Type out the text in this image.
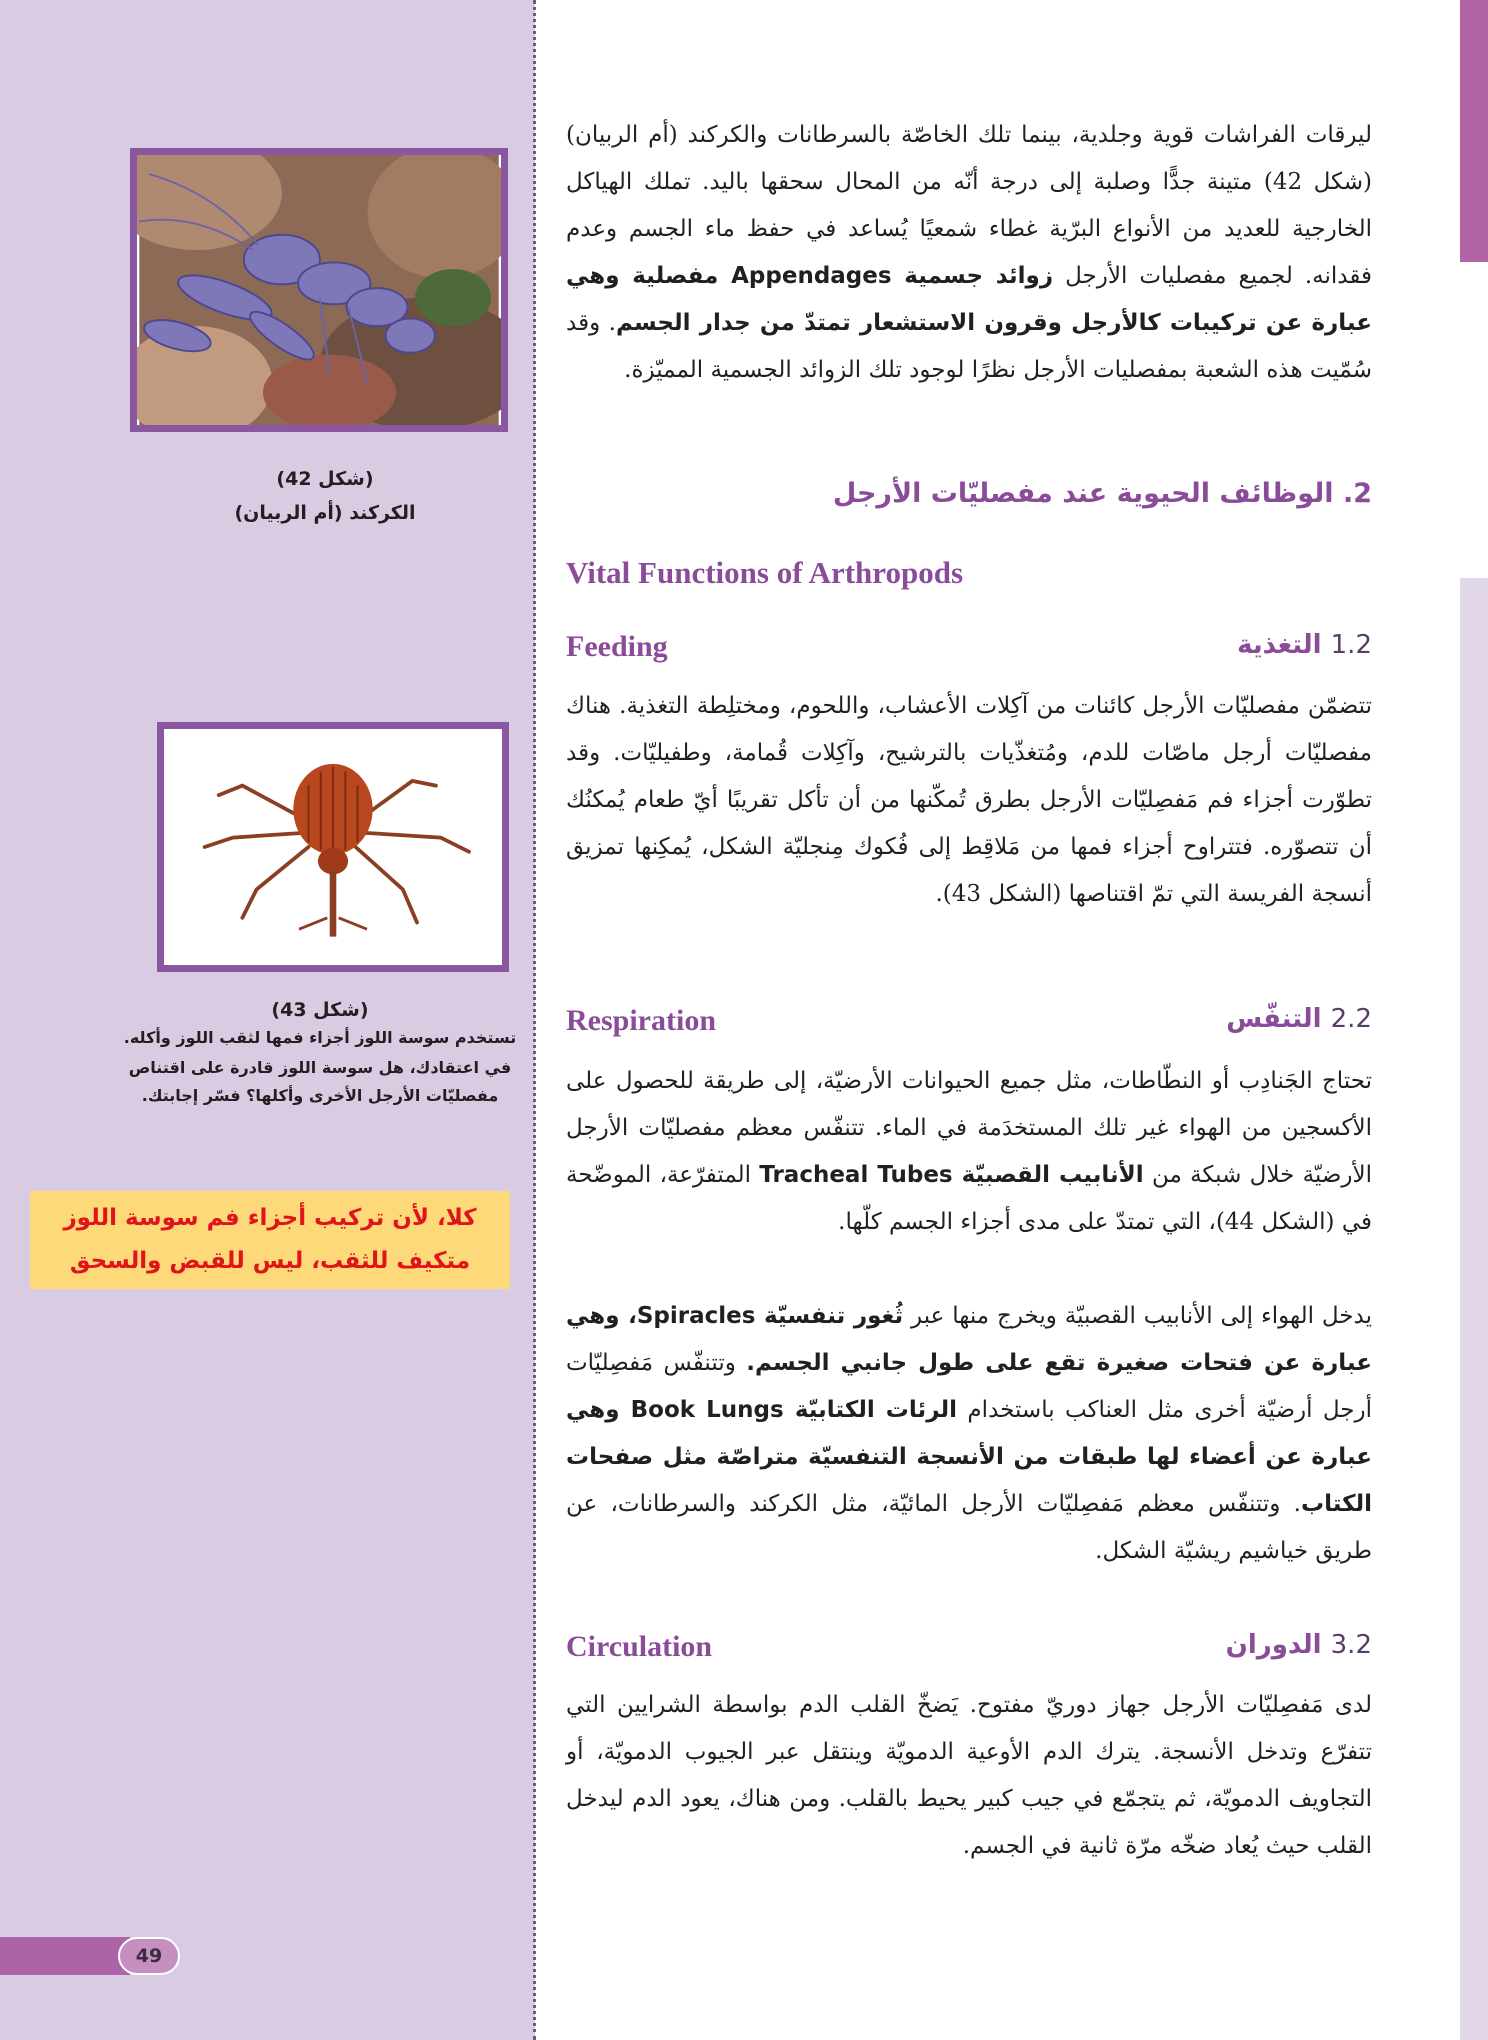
(شكل 42)
الكركند (أم الربيان)
(شكل 43)
تستخدم سوسة اللوز أجزاء فمها لثقب اللوز وأكله.
في اعتقادك، هل سوسة اللوز قادرة على اقتناص مفصليّات الأرجل الأخرى وأكلها؟ فسّر إجابتك.
كلا، لأن تركيب أجزاء فم سوسة اللوز
متكيف للثقب، ليس للقبض والسحق
49
ليرقات الفراشات قوية وجلدية، بينما تلك الخاصّة بالسرطانات والكركند (أم الربيان) (شكل 42) متينة جدًّا وصلبة إلى درجة أنّه من المحال سحقها باليد. تملك الهياكل الخارجية للعديد من الأنواع البرّية غطاء شمعيًا يُساعد في حفظ ماء الجسم وعدم فقدانه. لجميع مفصليات الأرجل زوائد جسمية Appendages مفصلية وهي عبارة عن تركيبات كالأرجل وقرون الاستشعار تمتدّ من جدار الجسم. وقد سُمّيت هذه الشعبة بمفصليات الأرجل نظرًا لوجود تلك الزوائد الجسمية المميّزة.
2. الوظائف الحيوية عند مفصليّات الأرجل
Vital Functions of Arthropods
Feeding	1.2 التغذية
تتضمّن مفصليّات الأرجل كائنات من آكِلات الأعشاب، واللحوم، ومختلِطة التغذية. هناك مفصليّات أرجل ماصّات للدم، ومُتغذّيات بالترشيح، وآكِلات قُمامة، وطفيليّات. وقد تطوّرت أجزاء فم مَفصِليّات الأرجل بطرق تُمكّنها من أن تأكل تقريبًا أيّ طعام يُمكنُك أن تتصوّره. فتتراوح أجزاء فمها من مَلاقِط إلى فُكوك مِنجليّة الشكل، يُمكِنها تمزيق أنسجة الفريسة التي تمّ اقتناصها (الشكل 43).
Respiration	2.2 التنفّس
تحتاج الجَنادِب أو النطّاطات، مثل جميع الحيوانات الأرضيّة، إلى طريقة للحصول على الأكسجين من الهواء غير تلك المستخدَمة في الماء. تتنفّس معظم مفصليّات الأرجل الأرضيّة خلال شبكة من الأنابيب القصبيّة Tracheal Tubes المتفرّعة، الموضّحة في (الشكل 44)، التي تمتدّ على مدى أجزاء الجسم كلّها.
يدخل الهواء إلى الأنابيب القصبيّة ويخرج منها عبر ثُغور تنفسيّة Spiracles، وهي عبارة عن فتحات صغيرة تقع على طول جانبي الجسم. وتتنفّس مَفصِليّات أرجل أرضيّة أخرى مثل العناكب باستخدام الرئات الكتابيّة Book Lungs وهي عبارة عن أعضاء لها طبقات من الأنسجة التنفسيّة متراصّة مثل صفحات الكتاب. وتتنفّس معظم مَفصِليّات الأرجل المائيّة، مثل الكركند والسرطانات، عن طريق خياشيم ريشيّة الشكل.
Circulation	3.2 الدوران
لدى مَفصِليّات الأرجل جهاز دوريّ مفتوح. يَضخّ القلب الدم بواسطة الشرايين التي تتفرّع وتدخل الأنسجة. يترك الدم الأوعية الدمويّة وينتقل عبر الجيوب الدمويّة، أو التجاويف الدمويّة، ثم يتجمّع في جيب كبير يحيط بالقلب. ومن هناك، يعود الدم ليدخل القلب حيث يُعاد ضخّه مرّة ثانية في الجسم.
